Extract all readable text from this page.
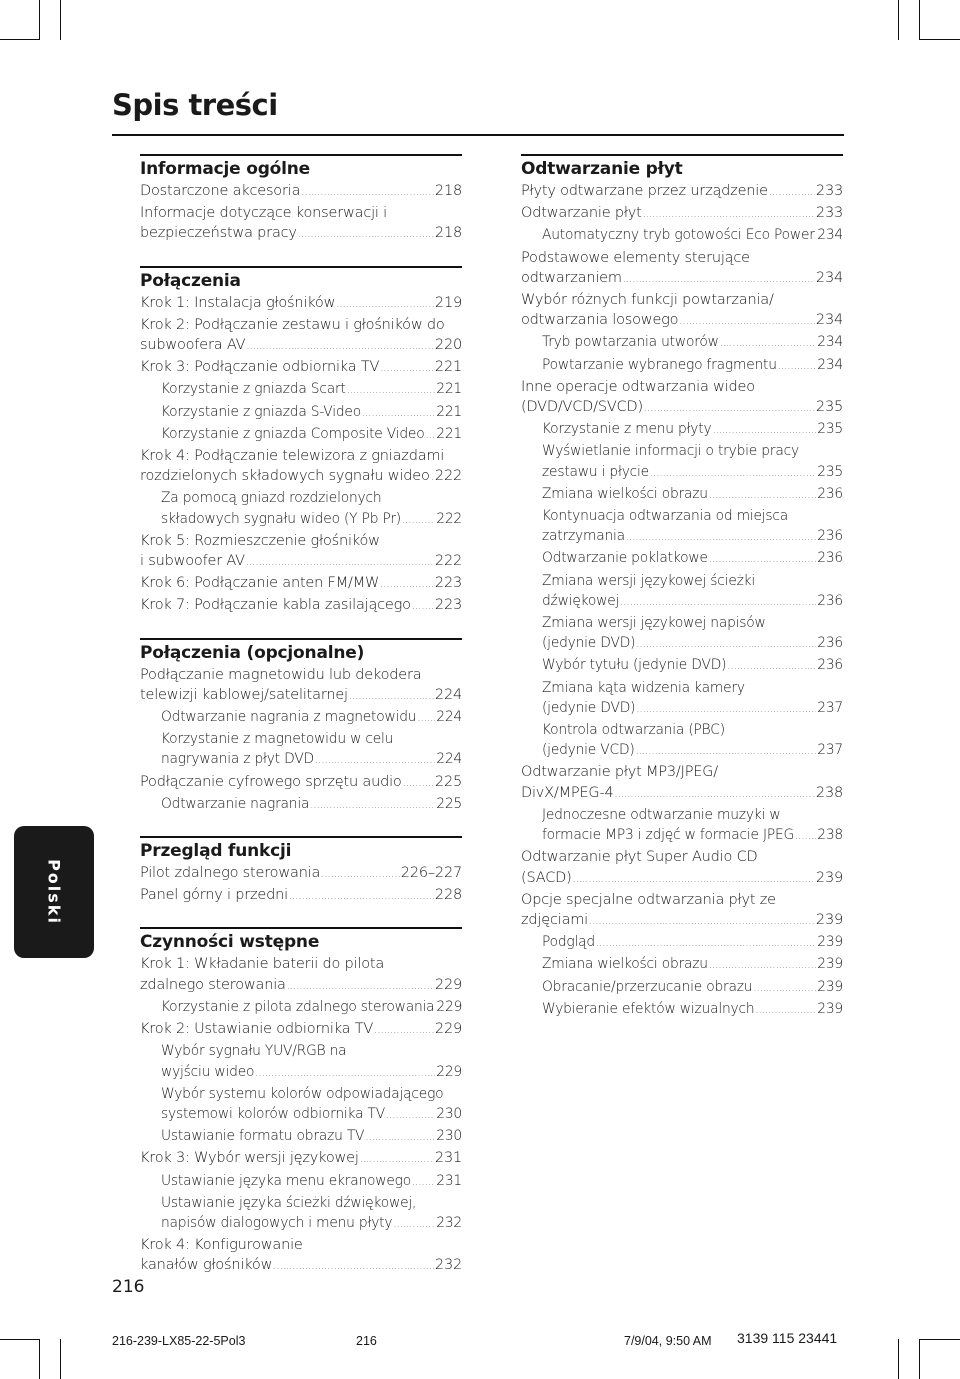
Spis treści
Informacje ogólne
Dostarczone akcesoria .....	218
Informacje dotyczące konserwacji i
bezpieczeństwa pracy .....	218
Połączenia
Krok 1: Instalacja głośników .....	219
Krok 2: Podłączanie zestawu i głośników do
subwoofera AV .....	220
Krok 3: Podłączanie odbiornika TV .....	221
Korzystanie z gniazda Scart .....	221
Korzystanie z gniazda S-Video .....	221
Korzystanie z gniazda Composite Video ..... 221
Krok 4: Podłączanie telewizora z gniazdami
rozdzielonych składowych sygnału wideo ..... 222
Za pomocą gniazd rozdzielonych
składowych sygnału wideo (Y Pb Pr) .....	222
Krok 5: Rozmieszczenie głośników
i subwoofer AV .....	222
Krok 6: Podłączanie anten FM/MW .....	223
Krok 7: Podłączanie kabla zasilającego ..... 223
Połączenia (opcjonalne)
Podłączanie magnetowidu lub dekodera
telewizji kablowej/satelitarnej .....	224
Odtwarzanie nagrania z magnetowidu ..... 224
Korzystanie z magnetowidu w celu
nagrywania z płyt DVD .....	224
Podłączanie cyfrowego sprzętu audio ..... 225
Odtwarzanie nagrania .....	225
Przegląd funkcji
Pilot zdalnego sterowania .....	226–227
Panel górny i przedni .....	228
Czynności wstępne
Krok 1: Wkładanie baterii do pilota
zdalnego sterowania .....	229
Korzystanie z pilota zdalnego sterowania 229
Krok 2: Ustawianie odbiornika TV .....	229
Wybór sygnału YUV/RGB na
wyjściu wideo .....	229
Wybór systemu kolorów odpowiadającego
systemowi kolorów odbiornika TV .....	230
Ustawianie formatu obrazu TV .....	230
Krok 3: Wybór wersji językowej .....	231
Ustawianie języka menu ekranowego ..... 231
Ustawianie języka ścieżki dźwiękowej,
napisów dialogowych i menu płyty .....	232
Krok 4: Konfigurowanie
kanałów głośników .....	232
Odtwarzanie płyt
Płyty odtwarzane przez urządzenie .....	233
Odtwarzanie płyt .....	233
Automatyczny tryb gotowości Eco Power ..... 234
Podstawowe elementy sterujące
odtwarzaniem .....	234
Wybór różnych funkcji powtarzania/
odtwarzania losowego .....	234
Tryb powtarzania utworów .....	234
Powtarzanie wybranego fragmentu .....	234
Inne operacje odtwarzania wideo
(DVD/VCD/SVCD) .....	235
Korzystanie z menu płyty .....	235
Wyświetlanie informacji o trybie pracy
zestawu i płycie .....	235
Zmiana wielkości obrazu .....	236
Kontynuacja odtwarzania od miejsca
zatrzymania .....	236
Odtwarzanie poklatkowe .....	236
Zmiana wersji językowej ścieżki
dźwiękowej .....	236
Zmiana wersji językowej napisów
(jedynie DVD) .....	236
Wybór tytułu (jedynie DVD) .....	236
Zmiana kąta widzenia kamery
(jedynie DVD) .....	237
Kontrola odtwarzania (PBC)
(jedynie VCD) .....	237
Odtwarzanie płyt MP3/JPEG/
DivX/MPEG-4 .....	238
Jednoczesne odtwarzanie muzyki w
formacie MP3 i zdjęć w formacie JPEG ..... 238
Odtwarzanie płyt Super Audio CD
(SACD) .....	239
Opcje specjalne odtwarzania płyt ze
zdjęciami .....	239
Podgląd .....	239
Zmiana wielkości obrazu .....	239
Obracanie/przerzucanie obrazu .....	239
Wybieranie efektów wizualnych .....	239
Polski
216
216-239-LX85-22-5Pol3	216	7/9/04, 9:50 AM 3139 115 23441
